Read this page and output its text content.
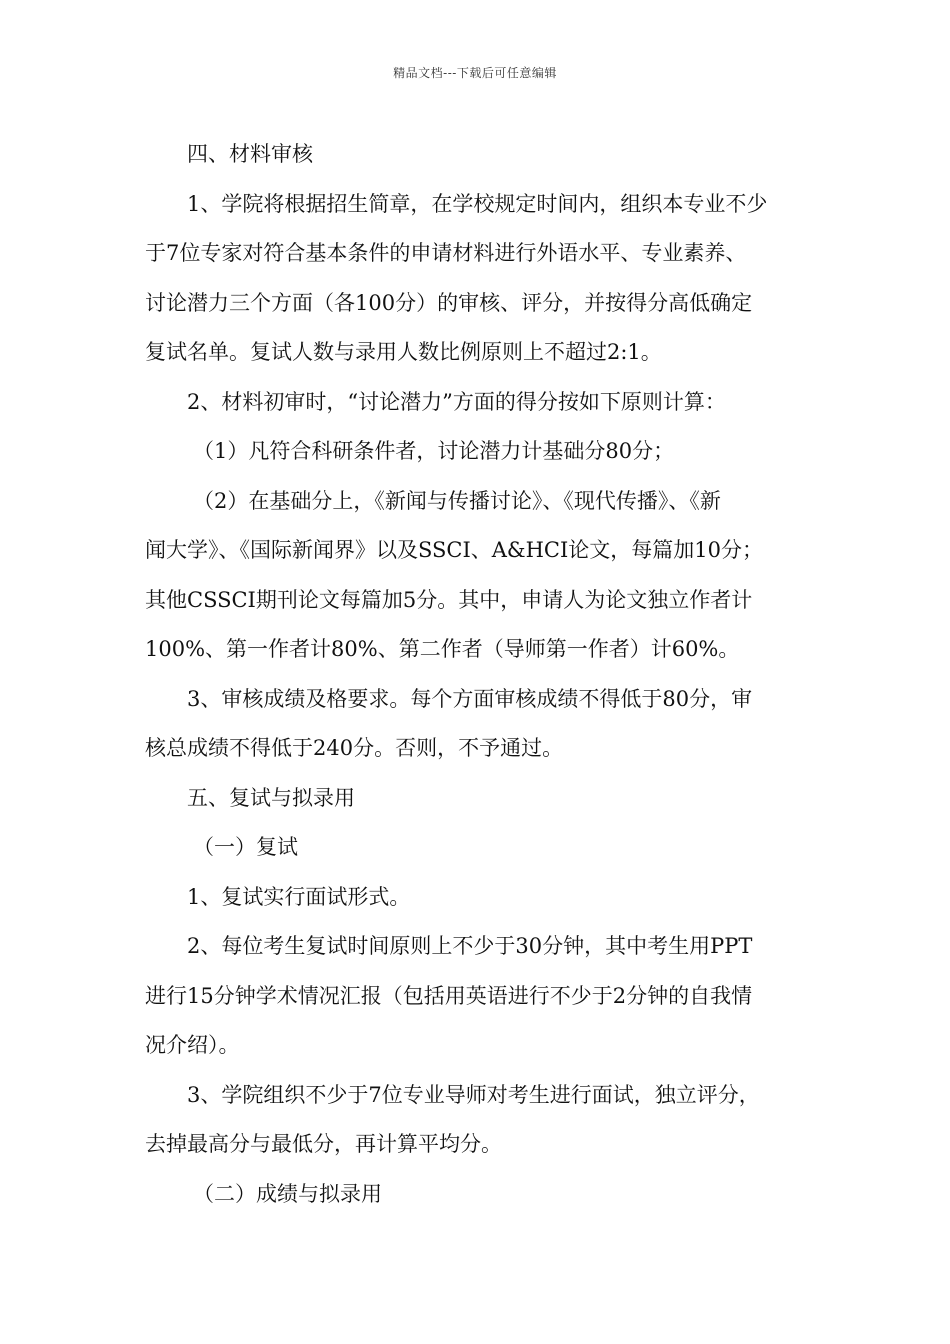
精品文档---下载后可任意编辑
四、材料审核
1、学院将根据招生简章，在学校规定时间内，组织本专业不少
于7位专家对符合基本条件的申请材料进行外语水平、专业素养、
讨论潜力三个方面（各100分）的审核、评分，并按得分高低确定
复试名单。复试人数与录用人数比例原则上不超过2:1。
2、材料初审时，“讨论潜力”方面的得分按如下原则计算：
（1）凡符合科研条件者，讨论潜力计基础分80分；
（2）在基础分上，《新闻与传播讨论》、《现代传播》、《新
闻大学》、《国际新闻界》以及SSCI、A&HCI论文，每篇加10分；
其他CSSCI期刊论文每篇加5分。其中，申请人为论文独立作者计
100%、第一作者计80%、第二作者（导师第一作者）计60%。
3、审核成绩及格要求。每个方面审核成绩不得低于80分，审
核总成绩不得低于240分。否则，不予通过。
五、复试与拟录用
（一）复试
1、复试实行面试形式。
2、每位考生复试时间原则上不少于30分钟，其中考生用PPT
进行15分钟学术情况汇报（包括用英语进行不少于2分钟的自我情
况介绍）。
3、学院组织不少于7位专业导师对考生进行面试，独立评分，
去掉最高分与最低分，再计算平均分。
（二）成绩与拟录用
